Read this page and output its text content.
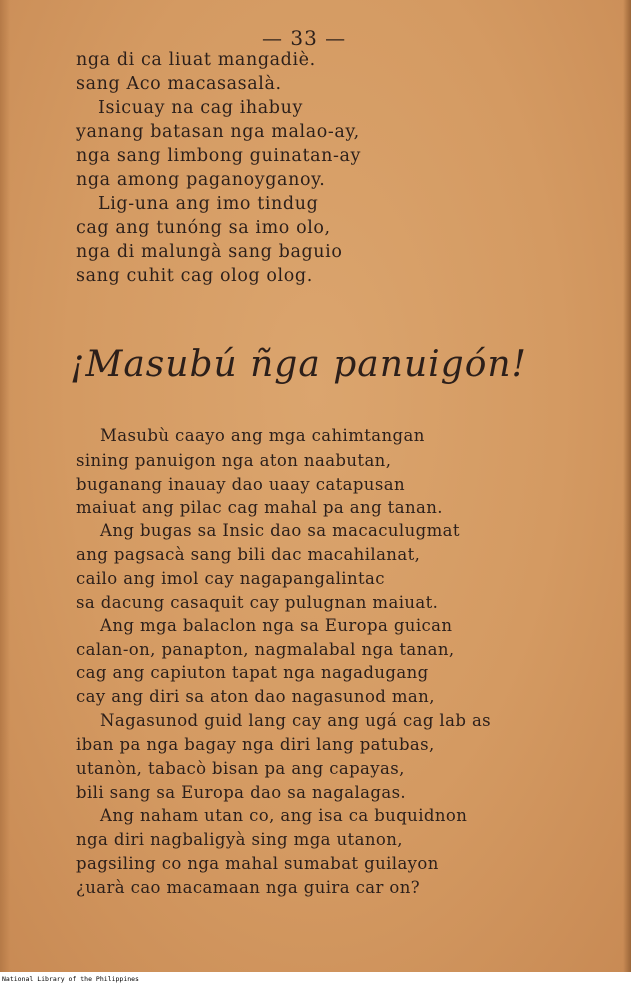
— 33 —
nga di ca liuat mangadiè.
sang Aco macasasalà.
Isicuay na cag ihabuy
yanang batasan nga malao-ay,
nga sang limbong guinatan-ay
nga among paganoyganoy.
Lig-una ang imo tindug
cag ang tunóng sa imo olo,
nga di malungà sang baguio
sang cuhit cag olog olog.
¡Masubú ñga panuigón!
Masubù caayo ang mga cahimtangan
sining panuigon nga aton naabutan,
buganang inauay dao uaay catapusan
maiuat ang pilac cag mahal pa ang tanan.
Ang bugas sa Insic dao sa macaculugmat
ang pagsacà sang bili dac macahilanat,
cailo ang imol cay nagapangalintac
sa dacung casaquit cay pulugnan maiuat.
Ang mga balaclon nga sa Europa guican
calan-on, panapton, nagmalabal nga tanan,
cag ang capiuton tapat nga nagadugang
cay ang diri sa aton dao nagasunod man,
Nagasunod guid lang cay ang ugá cag lab as
iban pa nga bagay nga diri lang patubas,
utanòn, tabacò bisan pa ang capayas,
bili sang sa Europa dao sa nagalagas.
Ang naham utan co, ang isa ca buquidnon
nga diri nagbaligyà sing mga utanon,
pagsiling co nga mahal sumabat guilayon
¿uarà cao macamaan nga guira car on?
National Library of the Philippines
